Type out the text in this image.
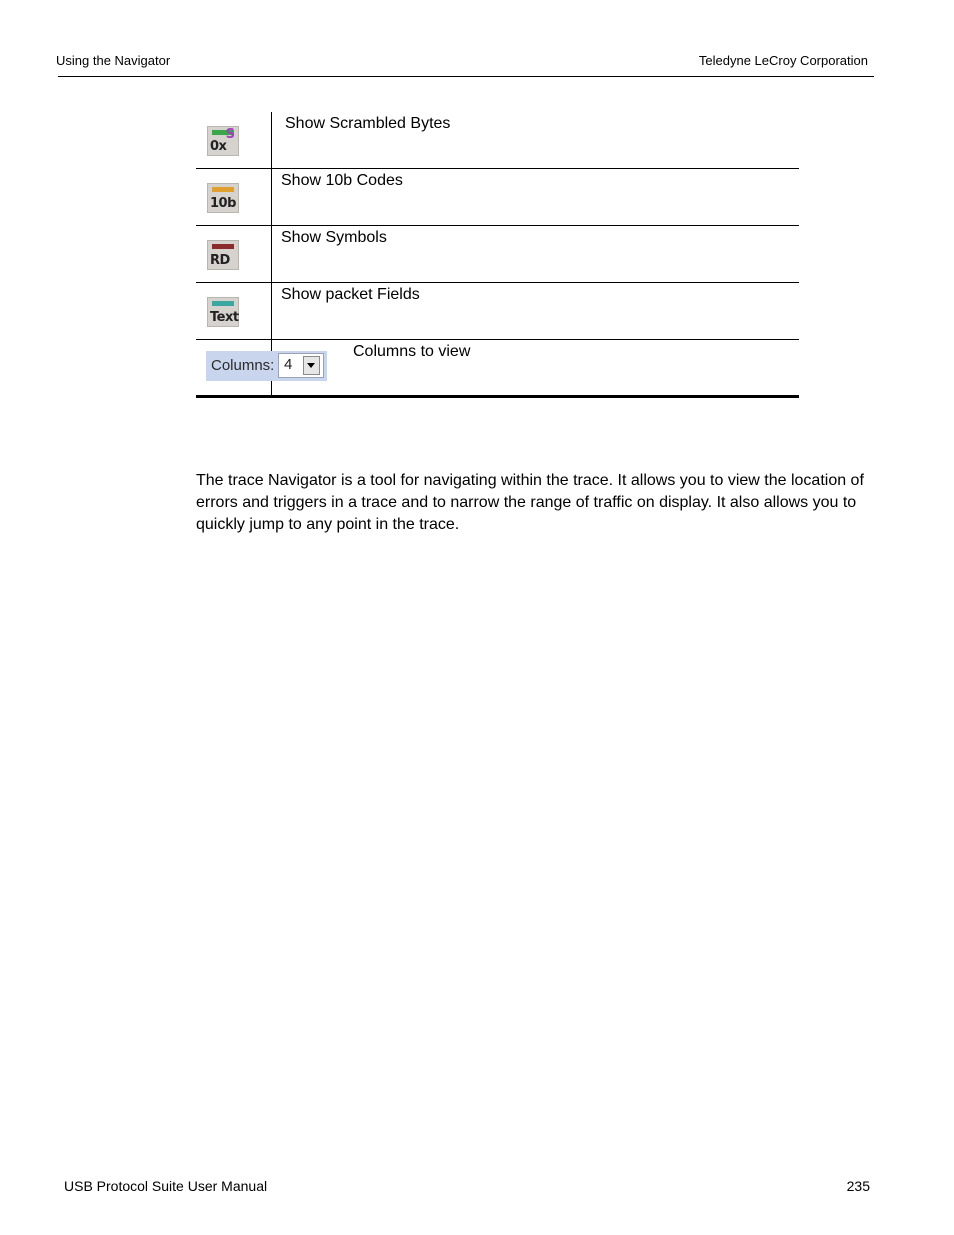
Using the Navigator	Teledyne LeCroy Corporation
0x
S
Show Scrambled Bytes
10b
Show 10b Codes
RD
Show Symbols
Text
Show packet Fields
Columns: 4
Columns to view
The trace Navigator is a tool for navigating within the trace. It allows you to view the location of errors and triggers in a trace and to narrow the range of traffic on display. It also allows you to quickly jump to any point in the trace.
USB Protocol Suite User Manual	235
